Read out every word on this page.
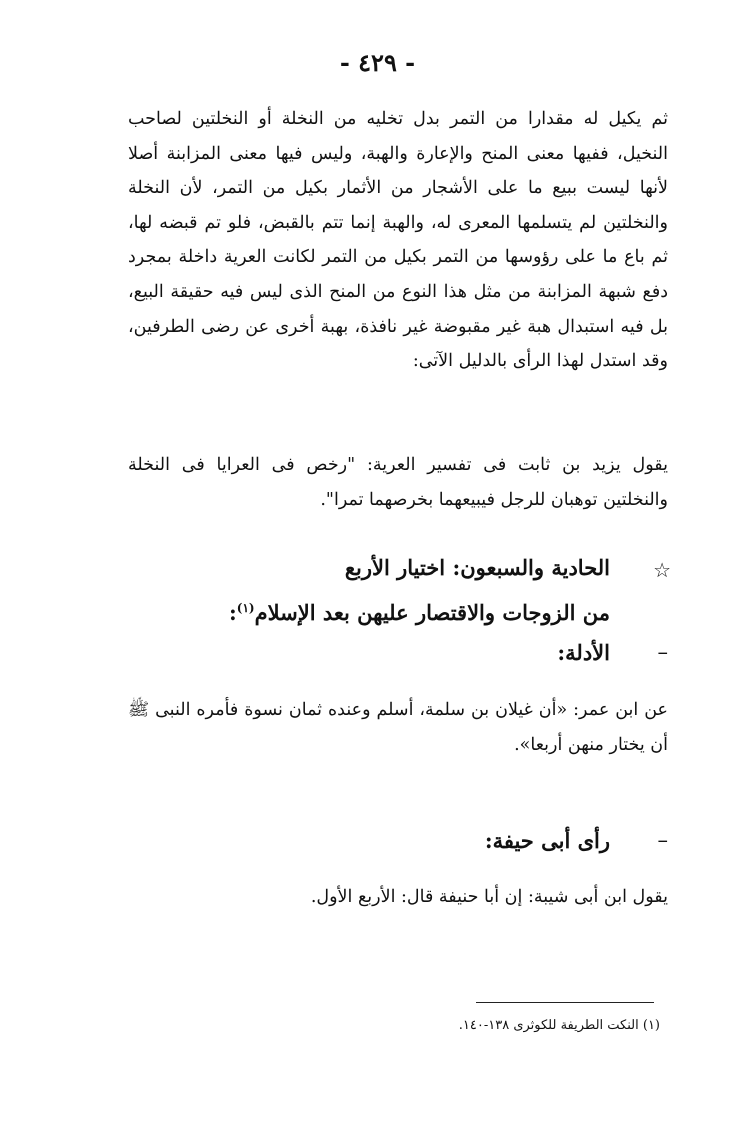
- ٤٢٩ -

ثم يكيل له مقدارا من التمر بدل تخليه من النخلة أو النخلتين لصاحب النخيل، ففيها معنى المنح والإعارة والهبة، وليس فيها معنى المزابنة أصلا لأنها ليست ببيع ما على الأشجار من الأثمار بكيل من التمر، لأن النخلة والنخلتين لم يتسلمها المعرى له، والهبة إنما تتم بالقبض، فلو تم قبضه لها، ثم باع ما على رؤوسها من التمر بكيل من التمر لكانت العرية داخلة بمجرد دفع شبهة المزابنة من مثل هذا النوع من المنح الذى ليس فيه حقيقة البيع، بل فيه استبدال هبة غير مقبوضة غير نافذة، بهبة أخرى عن رضى الطرفين، وقد استدل لهذا الرأى بالدليل الآتى:

يقول يزيد بن ثابت فى تفسير العرية: "رخص فى العرايا فى النخلة والنخلتين توهبان للرجل فيبيعهما بخرصهما تمرا".

☆
الحادية والسبعون: اختيار الأربع
من الزوجات والاقتصار عليهن بعد الإسلام$^{(١)}$:
–
الأدلة:

عن ابن عمر: «أن غيلان بن سلمة، أسلم وعنده ثمان نسوة فأمره النبى ﷺ أن يختار منهن أربعا».

–
رأى أبى حيفة:

يقول ابن أبى شيبة: إن أبا حنيفة قال: الأربع الأول.

(١) النكت الطريفة للكوثرى ١٣٨-١٤٠.
